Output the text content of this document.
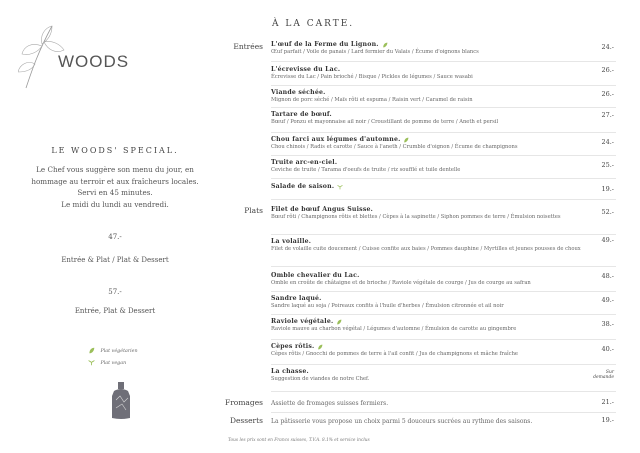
WOODS
LE WOODS' SPECIAL.
Le Chef vous suggère son menu du jour, en
hommage au terroir et aux fraîcheurs locales.
Servi en 45 minutes.
Le midi du lundi au vendredi.
47.-
Entrée & Plat / Plat & Dessert
57.-
Entrée, Plat & Dessert
Plat végétarien
Plat vegan
À LA CARTE.
Entrées L'œuf de la Ferme du Lignon.
Œuf parfait / Voile de panais / Lard fermier du Valais / Écume d'oignons blancs
24.-
L'écrevisse du Lac.
Écrevisse du Lac / Pain brioché / Bisque / Pickles de légumes / Sauce wasabi
26.-
Viande séchée.
Mignon de porc séché / Maïs rôti et espuma / Raisin vert / Caramel de raisin
26.-
Tartare de bœuf.
Bœuf / Ponzu et mayonnaise ail noir / Croustillant de pomme de terre / Aneth et persil
27.-
Chou farci aux légumes d'automne.
Chou chinois / Radis et carotte / Sauce à l'aneth / Crumble d'oignon / Écume de champignons
24.-
Truite arc-en-ciel.
Ceviche de truite / Tarama d'oeufs de truite / riz soufflé et tuile dentelle
25.-
Salade de saison.	19.-
Plats Filet de bœuf Angus Suisse.
Bœuf rôti / Champignons rôtis et blettes / Cèpes à la sapinette / Siphon pommes de terre / Émulsion noisettes
52.-
La volaille.
Filet de volaille cuite doucement / Cuisse confite aux baies / Pommes dauphine / Myrtilles et jeunes pousses de choux
49.-
Omble chevalier du Lac.
Omble en croûte de châtaigne et de brioche / Raviole végétale de courge / Jus de courge au safran
48.-
Sandre laqué.
Sandre laqué au soja / Poireaux confits à l'huile d'herbes / Émulsion citronnée et ail noir
49.-
Raviole végétale.
Raviole mauve au charbon végétal / Légumes d'automne / Émulsion de carotte au gingembre
38.-
Cèpes rôtis.
Cèpes rôtis / Gnocchi de pommes de terre à l'ail confit / Jus de champignons et mâche fraîche
40.-
La chasse.
Suggestion de viandes de notre Chef.
Sur
demande
Fromages Assiette de fromages suisses fermiers.	21.-
Desserts La pâtisserie vous propose un choix parmi 5 douceurs sucrées au rythme des saisons.	19.-
Tous les prix sont en Francs suisses, T.V.A. 8.1% et service inclus
